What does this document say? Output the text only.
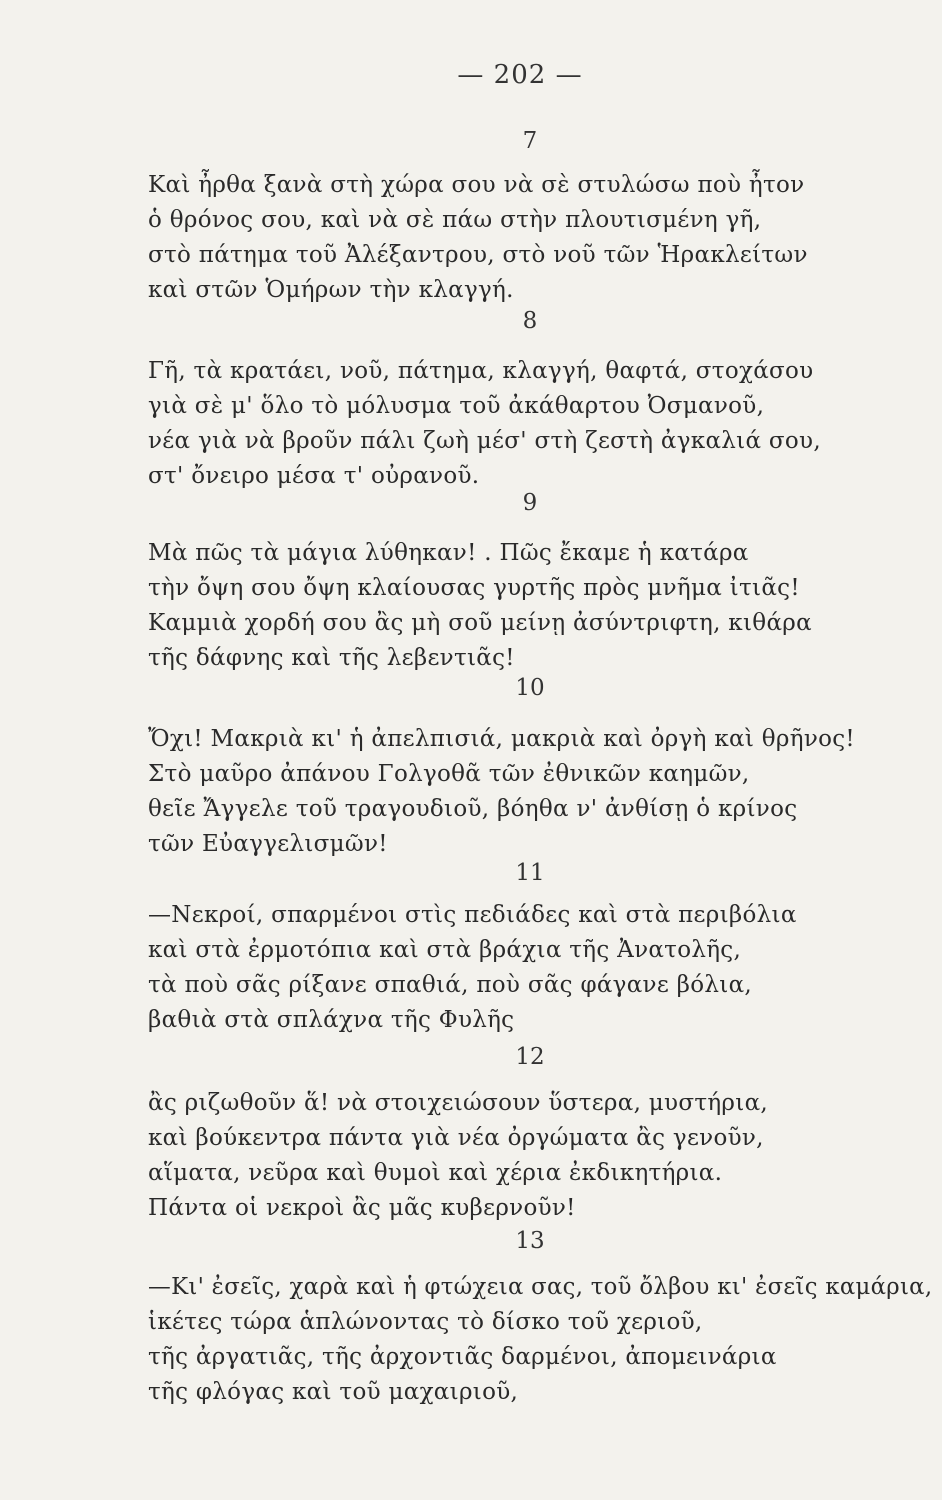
— 202 —
7
Καὶ ἦρθα ξανὰ στὴ χώρα σου νὰ σὲ στυλώσω ποὺ ἦτον
ὁ θρόνος σου, καὶ νὰ σὲ πάω στὴν πλουτισμένη γῆ,
στὸ πάτημα τοῦ Ἀλέξαντρου, στὸ νοῦ τῶν Ἡρακλείτων
καὶ στῶν Ὁμήρων τὴν κλαγγή.
8
Γῆ, τὰ κρατάει, νοῦ, πάτημα, κλαγγή, θαφτά, στοχάσου
γιὰ σὲ μ' ὅλο τὸ μόλυσμα τοῦ ἀκάθαρτου Ὀσμανοῦ,
νέα γιὰ νὰ βροῦν πάλι ζωὴ μέσ' στὴ ζεστὴ ἀγκαλιά σου,
στ' ὄνειρο μέσα τ' οὐρανοῦ.
9
Μὰ πῶς τὰ μάγια λύθηκαν! . Πῶς ἔκαμε ἡ κατάρα
τὴν ὄψη σου ὄψη κλαίουσας γυρτῆς πρὸς μνῆμα ἰτιᾶς!
Καμμιὰ χορδή σου ἂς μὴ σοῦ μείνῃ ἀσύντριφτη, κιθάρα
τῆς δάφνης καὶ τῆς λεβεντιᾶς!
10
Ὄχι! Μακριὰ κι' ἡ ἀπελπισιά, μακριὰ καὶ ὀργὴ καὶ θρῆνος!
Στὸ μαῦρο ἀπάνου Γολγοθᾶ τῶν ἐθνικῶν καημῶν,
θεῖε Ἄγγελε τοῦ τραγουδιοῦ, βόηθα ν' ἀνθίσῃ ὁ κρίνος
τῶν Εὐαγγελισμῶν!
11
—Νεκροί, σπαρμένοι στὶς πεδιάδες καὶ στὰ περιβόλια
καὶ στὰ ἐρμοτόπια καὶ στὰ βράχια τῆς Ἀνατολῆς,
τὰ ποὺ σᾶς ρίξανε σπαθιά, ποὺ σᾶς φάγανε βόλια,
βαθιὰ στὰ σπλάχνα τῆς Φυλῆς
12
ἂς ριζωθοῦν ἅ! νὰ στοιχειώσουν ὕστερα, μυστήρια,
καὶ βούκεντρα πάντα γιὰ νέα ὀργώματα ἂς γενοῦν,
αἵματα, νεῦρα καὶ θυμοὶ καὶ χέρια ἐκδικητήρια.
Πάντα οἱ νεκροὶ ἂς μᾶς κυβερνοῦν!
13
—Κι' ἐσεῖς, χαρὰ καὶ ἡ φτώχεια σας, τοῦ ὄλβου κι' ἐσεῖς καμάρια,
ἱκέτες τώρα ἁπλώνοντας τὸ δίσκο τοῦ χεριοῦ,
τῆς ἀργατιᾶς, τῆς ἀρχοντιᾶς δαρμένοι, ἀπομεινάρια
τῆς φλόγας καὶ τοῦ μαχαιριοῦ,
